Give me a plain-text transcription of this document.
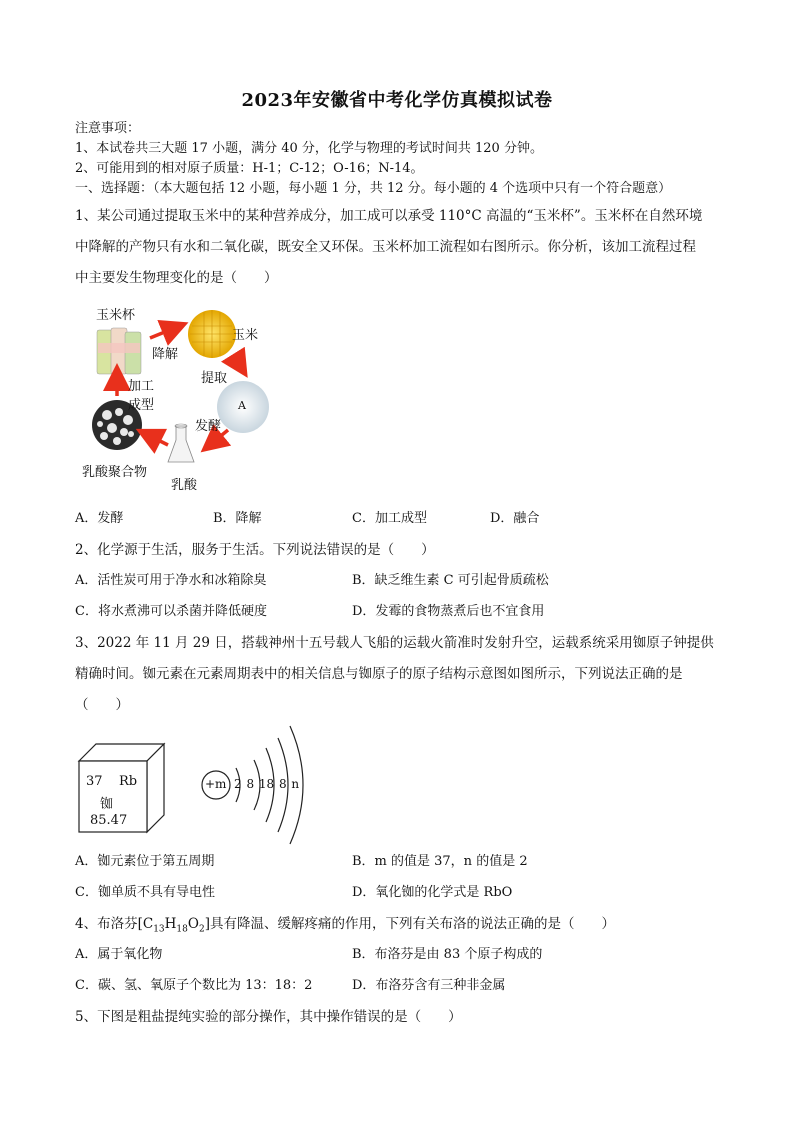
2023年安徽省中考化学仿真模拟试卷
注意事项：
1、本试卷共三大题 17 小题，满分 40 分，化学与物理的考试时间共 120 分钟。
2、可能用到的相对原子质量：H-1；C-12；O-16；N-14。
一、选择题：（本大题包括 12 小题，每小题 1 分，共 12 分。每小题的 4 个选项中只有一个符合题意）
1、某公司通过提取玉米中的某种营养成分，加工成可以承受 110°C 高温的“玉米杯”。玉米杯在自然环境
中降解的产物只有水和二氧化碳，既安全又环保。玉米杯加工流程如右图所示。你分析，该加工流程过程
中主要发生物理变化的是（　　）
玉米杯
玉米
降解
提取
A
发酵
加工
成型
乳酸聚合物
乳酸
A．发酵	B．降解	C．加工成型	D．融合
2、化学源于生活，服务于生活。下列说法错误的是（　　）
A．活性炭可用于净水和冰箱除臭	B．缺乏维生素 C 可引起骨质疏松
C．将水煮沸可以杀菌并降低硬度	D．发霉的食物蒸煮后也不宜食用
3、2022 年 11 月 29 日，搭载神州十五号载人飞船的运载火箭准时发射升空，运载系统采用铷原子钟提供
精确时间。铷元素在元素周期表中的相关信息与铷原子的原子结构示意图如图所示，下列说法正确的是
（　　）
37 Rb
铷
85.47
+m 2 8 18 8 n
A．铷元素位于第五周期	B．m 的值是 37，n 的值是 2
C．铷单质不具有导电性	D．氧化铷的化学式是 RbO
4、布洛芬$[C_{13}H_{18}O_2]$具有降温、缓解疼痛的作用，下列有关布洛的说法正确的是（　　）
A．属于氧化物	B．布洛芬是由 83 个原子构成的
C．碳、氢、氧原子个数比为 13：18：2	D．布洛芬含有三种非金属
5、下图是粗盐提纯实验的部分操作，其中操作错误的是（　　）
